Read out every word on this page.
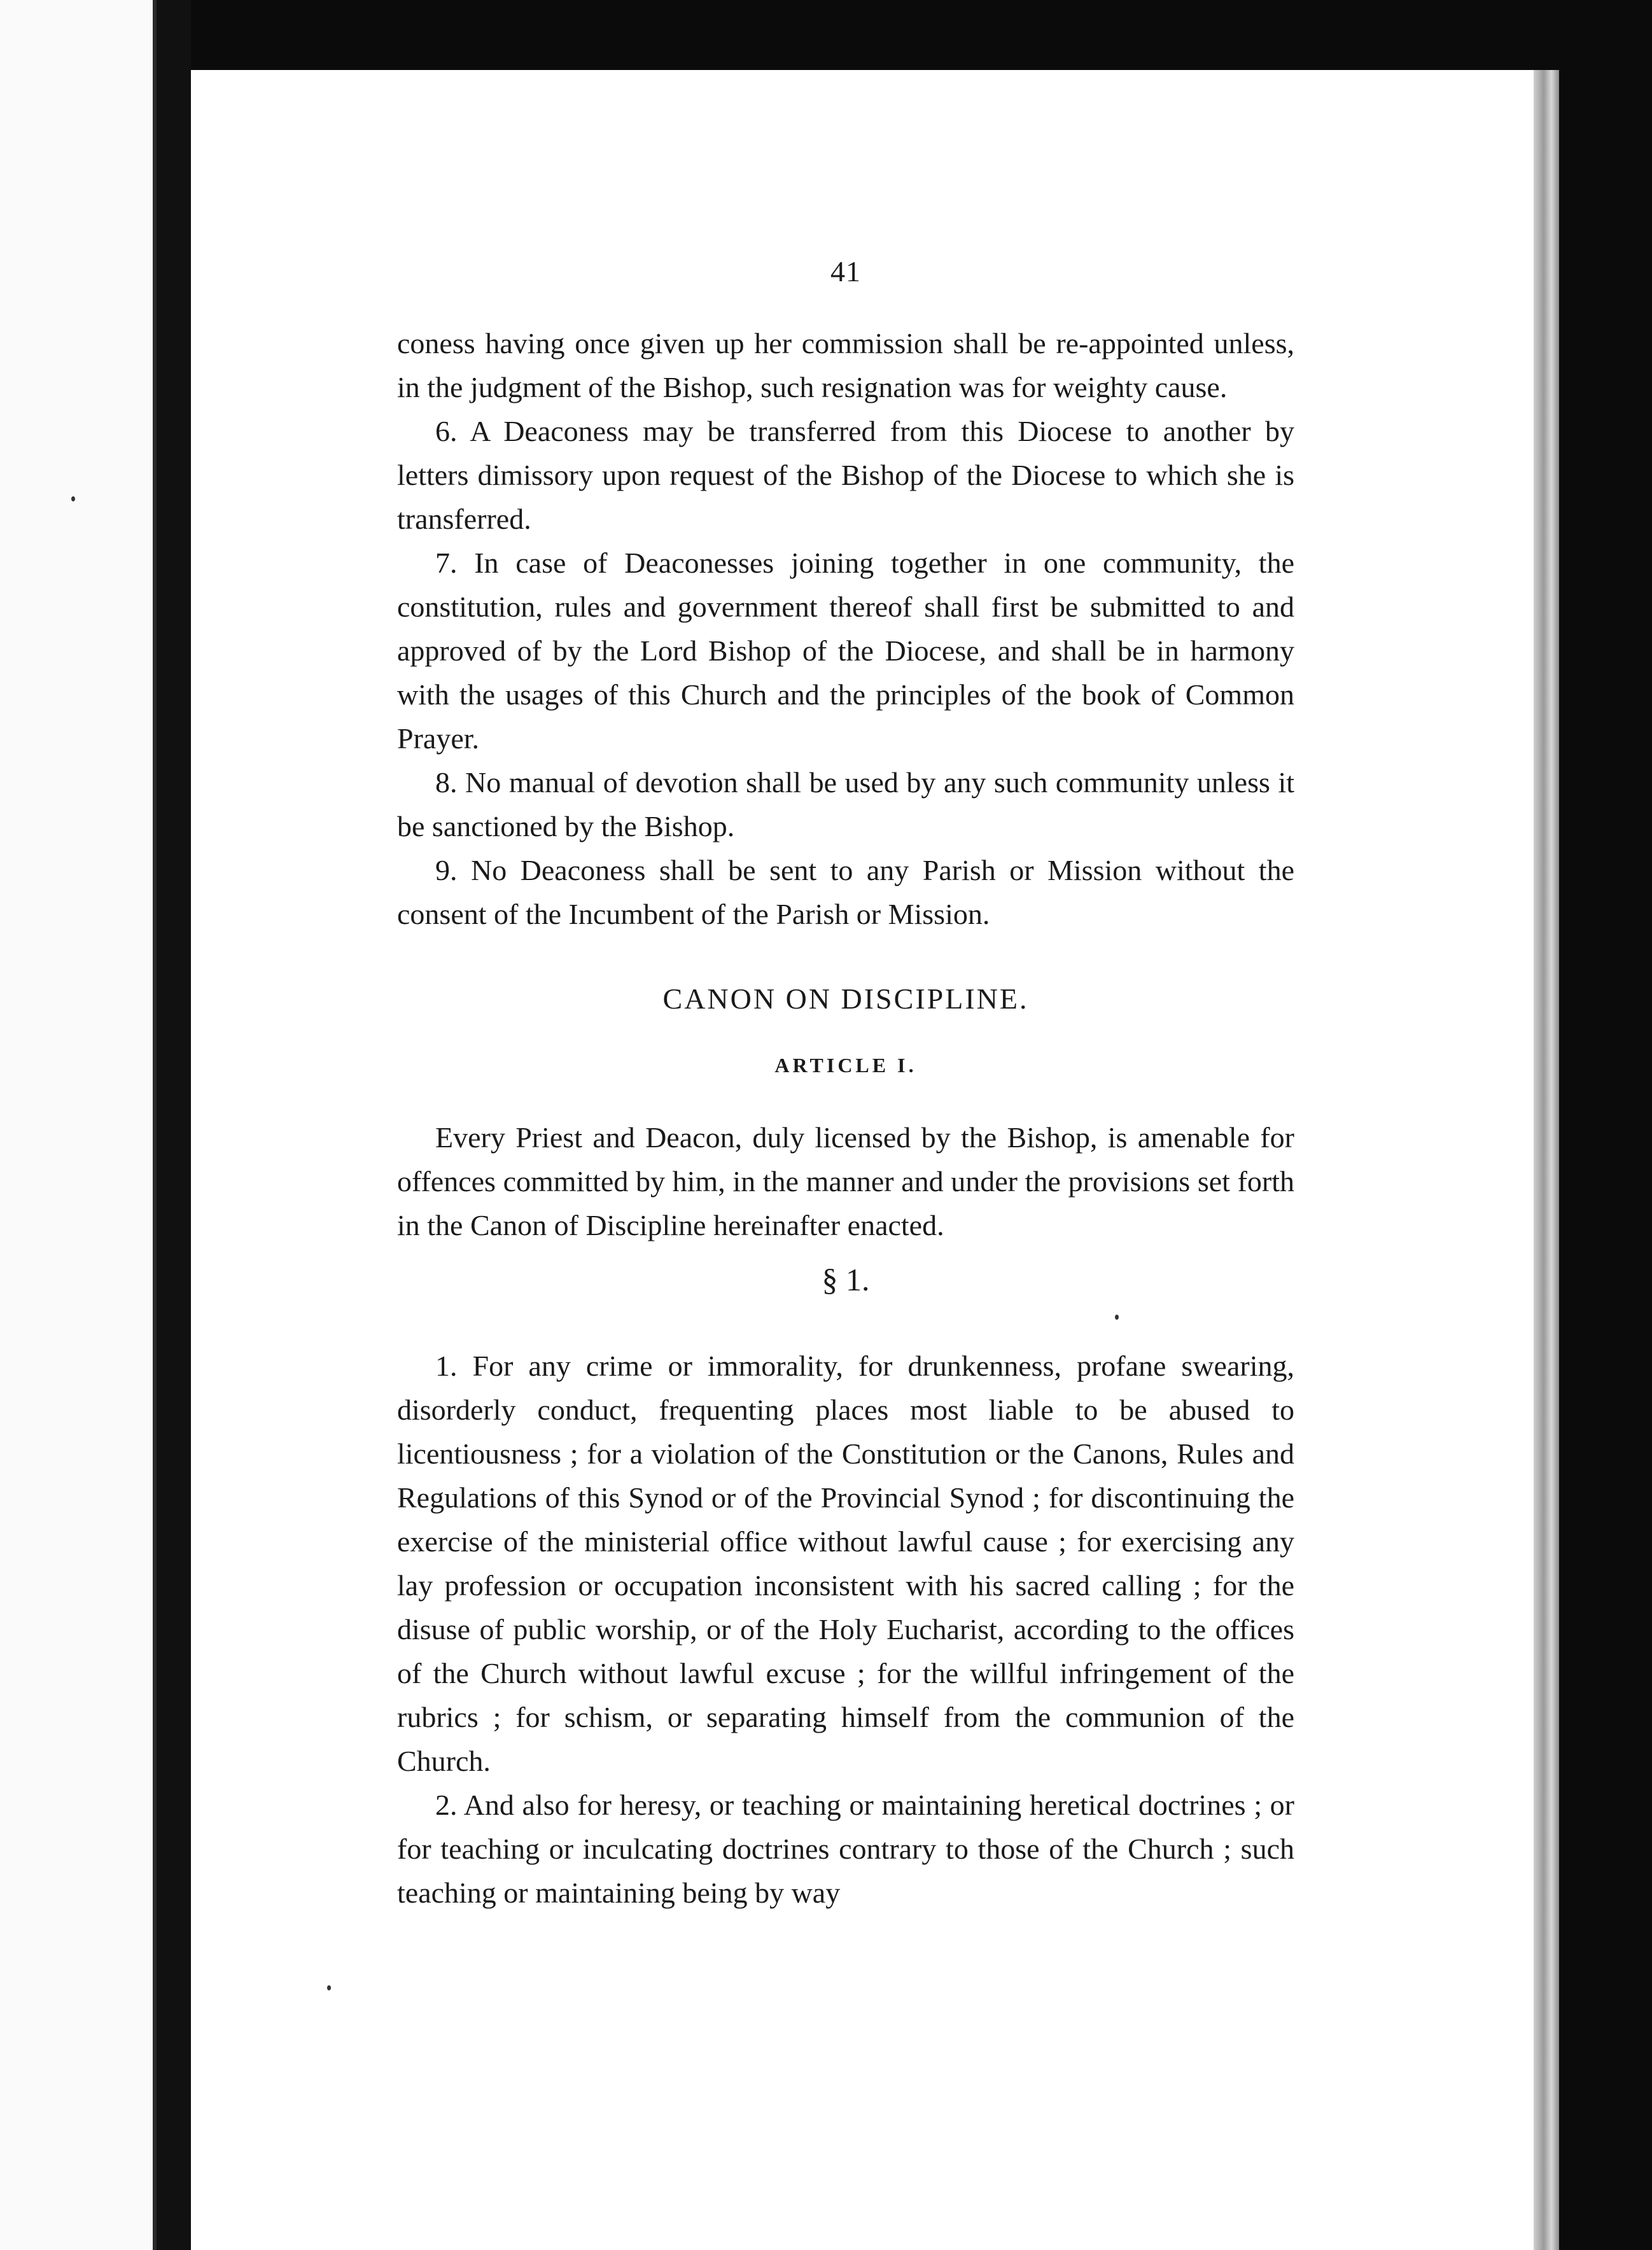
41

coness having once given up her commission shall be re-appointed unless, in the judgment of the Bishop, such resignation was for weighty cause.

6. A Deaconess may be transferred from this Diocese to another by letters dimissory upon request of the Bishop of the Diocese to which she is transferred.

7. In case of Deaconesses joining together in one community, the constitution, rules and government thereof shall first be submitted to and approved of by the Lord Bishop of the Diocese, and shall be in harmony with the usages of this Church and the principles of the book of Common Prayer.

8. No manual of devotion shall be used by any such community unless it be sanctioned by the Bishop.

9. No Deaconess shall be sent to any Parish or Mission without the consent of the Incumbent of the Parish or Mission.

CANON ON DISCIPLINE.
ARTICLE I.

Every Priest and Deacon, duly licensed by the Bishop, is amenable for offences committed by him, in the manner and under the provisions set forth in the Canon of Discipline hereinafter enacted.

§ 1.

1. For any crime or immorality, for drunkenness, profane swearing, disorderly conduct, frequenting places most liable to be abused to licentiousness ; for a violation of the Constitution or the Canons, Rules and Regulations of this Synod or of the Provincial Synod ; for discontinuing the exercise of the ministerial office without lawful cause ; for exercising any lay profession or occupation inconsistent with his sacred calling ; for the disuse of public worship, or of the Holy Eucharist, according to the offices of the Church without lawful excuse ; for the willful infringement of the rubrics ; for schism, or separating himself from the communion of the Church.

2. And also for heresy, or teaching or maintaining heretical doctrines ; or for teaching or inculcating doctrines contrary to those of the Church ; such teaching or maintaining being by way
